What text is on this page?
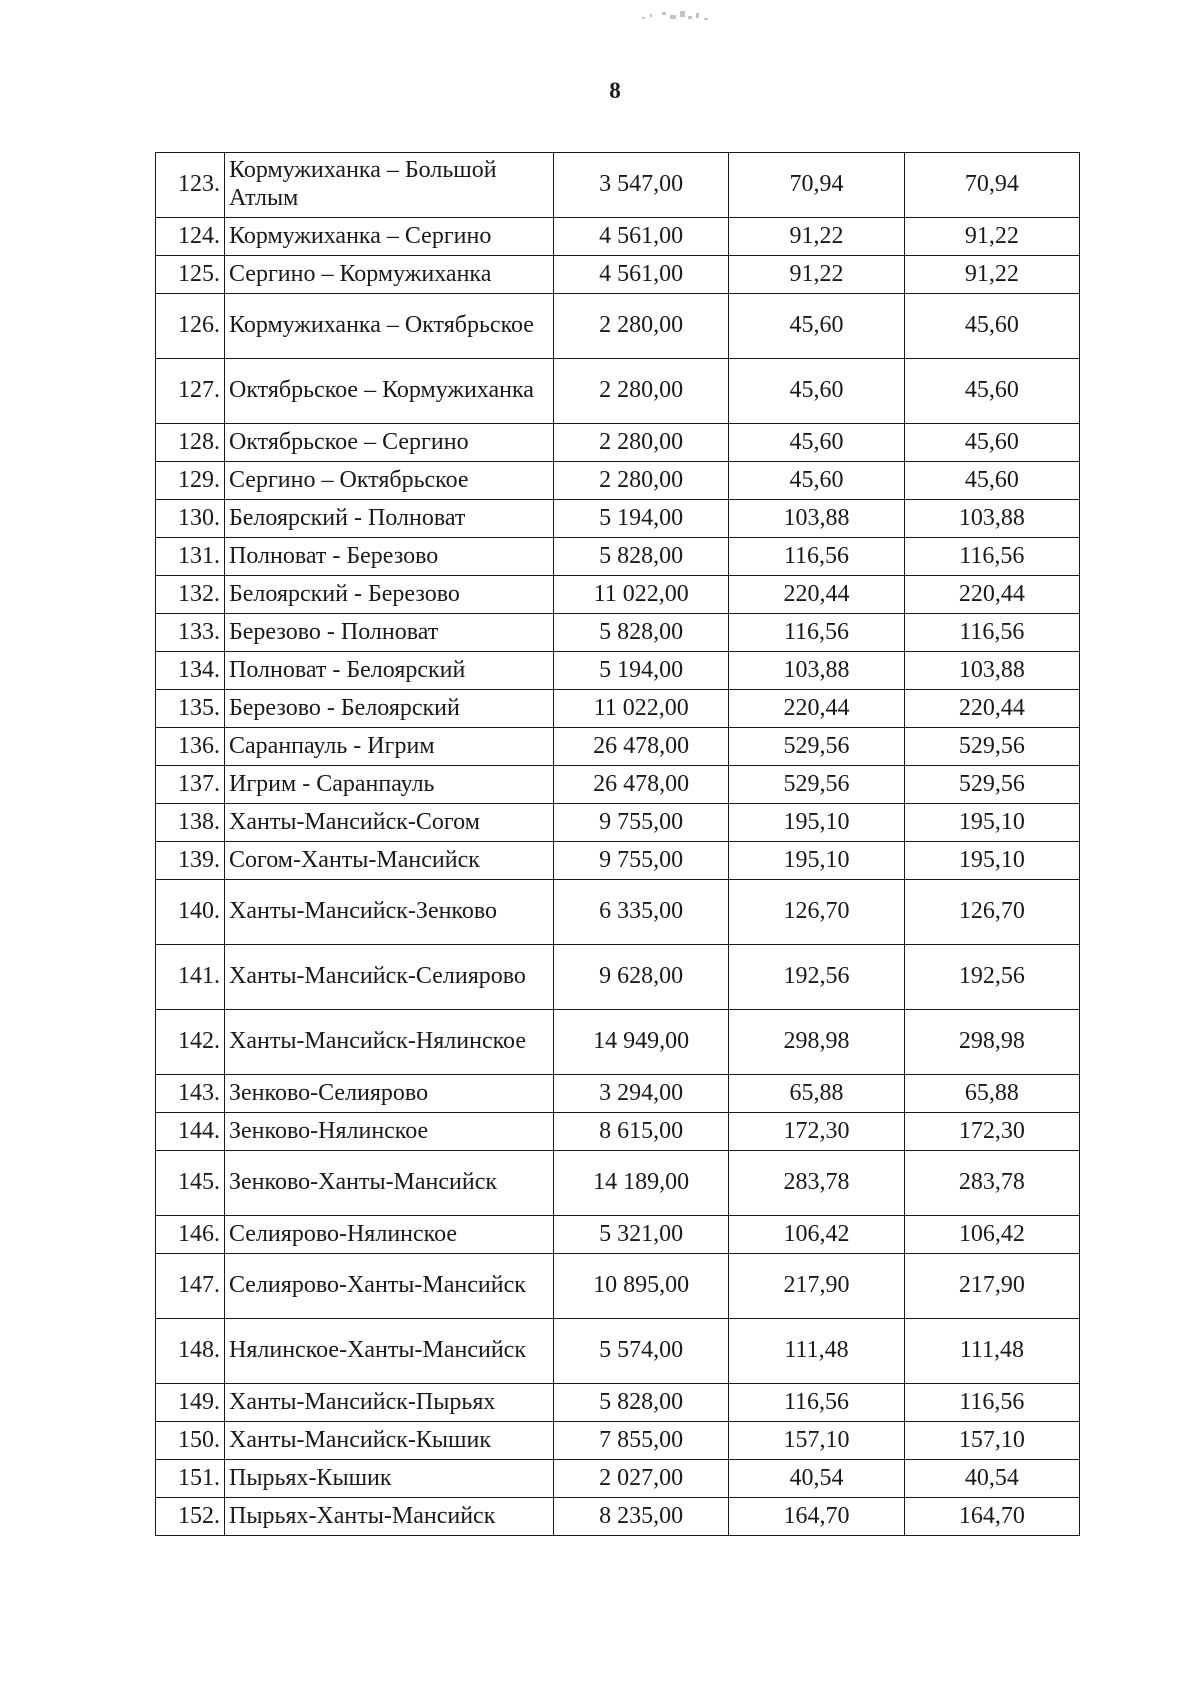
8
123.	Кормужиханка – Большой Атлым	3 547,00	70,94	70,94
124.	Кормужиханка – Сергино	4 561,00	91,22	91,22
125.	Сергино – Кормужиханка	4 561,00	91,22	91,22
126.	Кормужиханка – Октябрьское	2 280,00	45,60	45,60
127.	Октябрьское – Кормужиханка	2 280,00	45,60	45,60
128.	Октябрьское – Сергино	2 280,00	45,60	45,60
129.	Сергино – Октябрьское	2 280,00	45,60	45,60
130.	Белоярский - Полноват	5 194,00	103,88	103,88
131.	Полноват - Березово	5 828,00	116,56	116,56
132.	Белоярский - Березово	11 022,00	220,44	220,44
133.	Березово - Полноват	5 828,00	116,56	116,56
134.	Полноват - Белоярский	5 194,00	103,88	103,88
135.	Березово - Белоярский	11 022,00	220,44	220,44
136.	Саранпауль - Игрим	26 478,00	529,56	529,56
137.	Игрим - Саранпауль	26 478,00	529,56	529,56
138.	Ханты-Мансийск-Согом	9 755,00	195,10	195,10
139.	Согом-Ханты-Мансийск	9 755,00	195,10	195,10
140.	Ханты-Мансийск-Зенково	6 335,00	126,70	126,70
141.	Ханты-Мансийск-Селиярово	9 628,00	192,56	192,56
142.	Ханты-Мансийск-Нялинское	14 949,00	298,98	298,98
143.	Зенково-Селиярово	3 294,00	65,88	65,88
144.	Зенково-Нялинское	8 615,00	172,30	172,30
145.	Зенково-Ханты-Мансийск	14 189,00	283,78	283,78
146.	Селиярово-Нялинское	5 321,00	106,42	106,42
147.	Селиярово-Ханты-Мансийск	10 895,00	217,90	217,90
148.	Нялинское-Ханты-Мансийск	5 574,00	111,48	111,48
149.	Ханты-Мансийск-Пырьях	5 828,00	116,56	116,56
150.	Ханты-Мансийск-Кышик	7 855,00	157,10	157,10
151.	Пырьях-Кышик	2 027,00	40,54	40,54
152.	Пырьях-Ханты-Мансийск	8 235,00	164,70	164,70
